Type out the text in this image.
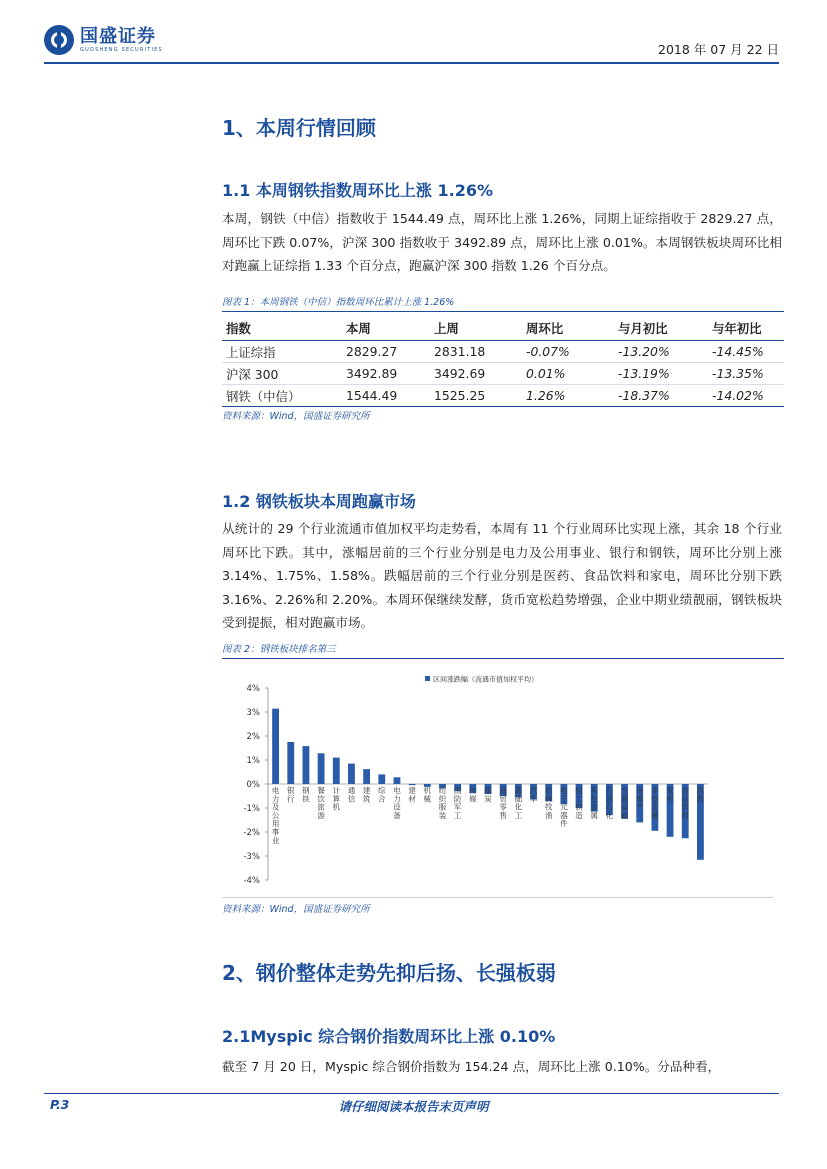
国盛证券
GUOSHENG SECURITIES	2018 年 07 月 22 日
1、本周行情回顾
1.1 本周钢铁指数周环比上涨 1.26%
本周，钢铁（中信）指数收于 1544.49 点，周环比上涨 1.26%，同期上证综指收于 2829.27 点，周环比下跌 0.07%，沪深 300 指数收于 3492.89 点，周环比上涨 0.01%。本周钢铁板块周环比相对跑赢上证综指 1.33 个百分点，跑赢沪深 300 指数 1.26 个百分点。
图表 1：本周钢铁（中信）指数周环比累计上涨 1.26%
指数	本周	上周	周环比	与月初比	与年初比
上证综指	2829.27	2831.18	-0.07%	-13.20%	-14.45%
沪深 300	3492.89	3492.69	0.01%	-13.19%	-13.35%
钢铁（中信）	1544.49	1525.25	1.26%	-18.37%	-14.02%
资料来源：Wind，国盛证券研究所
1.2 钢铁板块本周跑赢市场
从统计的 29 个行业流通市值加权平均走势看，本周有 11 个行业周环比实现上涨，其余 18 个行业周环比下跌。其中，涨幅居前的三个行业分别是电力及公用事业、银行和钢铁，周环比分别上涨 3.14%、1.75%、1.58%。跌幅居前的三个行业分别是医药、食品饮料和家电，周环比分别下跌 3.16%、2.26%和 2.20%。本周环保继续发酵，货币宽松趋势增强，企业中期业绩靓丽，钢铁板块受到提振，相对跑赢市场。
图表 2：钢铁板块排名第三
4%
3%
2%
1%
0%
-1%
-2%
-3%
-4%
区间涨跌幅（流通市值加权平均）
电力及公用事业
银行
钢铁
餐饮旅游
计算机
通信
建筑
综合
电力设备
建材
机械
纺织服装
国防军工
传媒
煤炭
商贸零售
基础化工
汽车
农林牧渔
电子元器件
轻工制造
有色金属
石油石化
交通运输
房地产
非银金融
家电
食品饮料
医药
资料来源：Wind，国盛证券研究所
2、钢价整体走势先抑后扬、长强板弱
2.1Myspic 综合钢价指数周环比上涨 0.10%
截至 7 月 20 日，Myspic 综合钢价指数为 154.24 点，周环比上涨 0.10%。分品种看，
P.3	请仔细阅读本报告末页声明
